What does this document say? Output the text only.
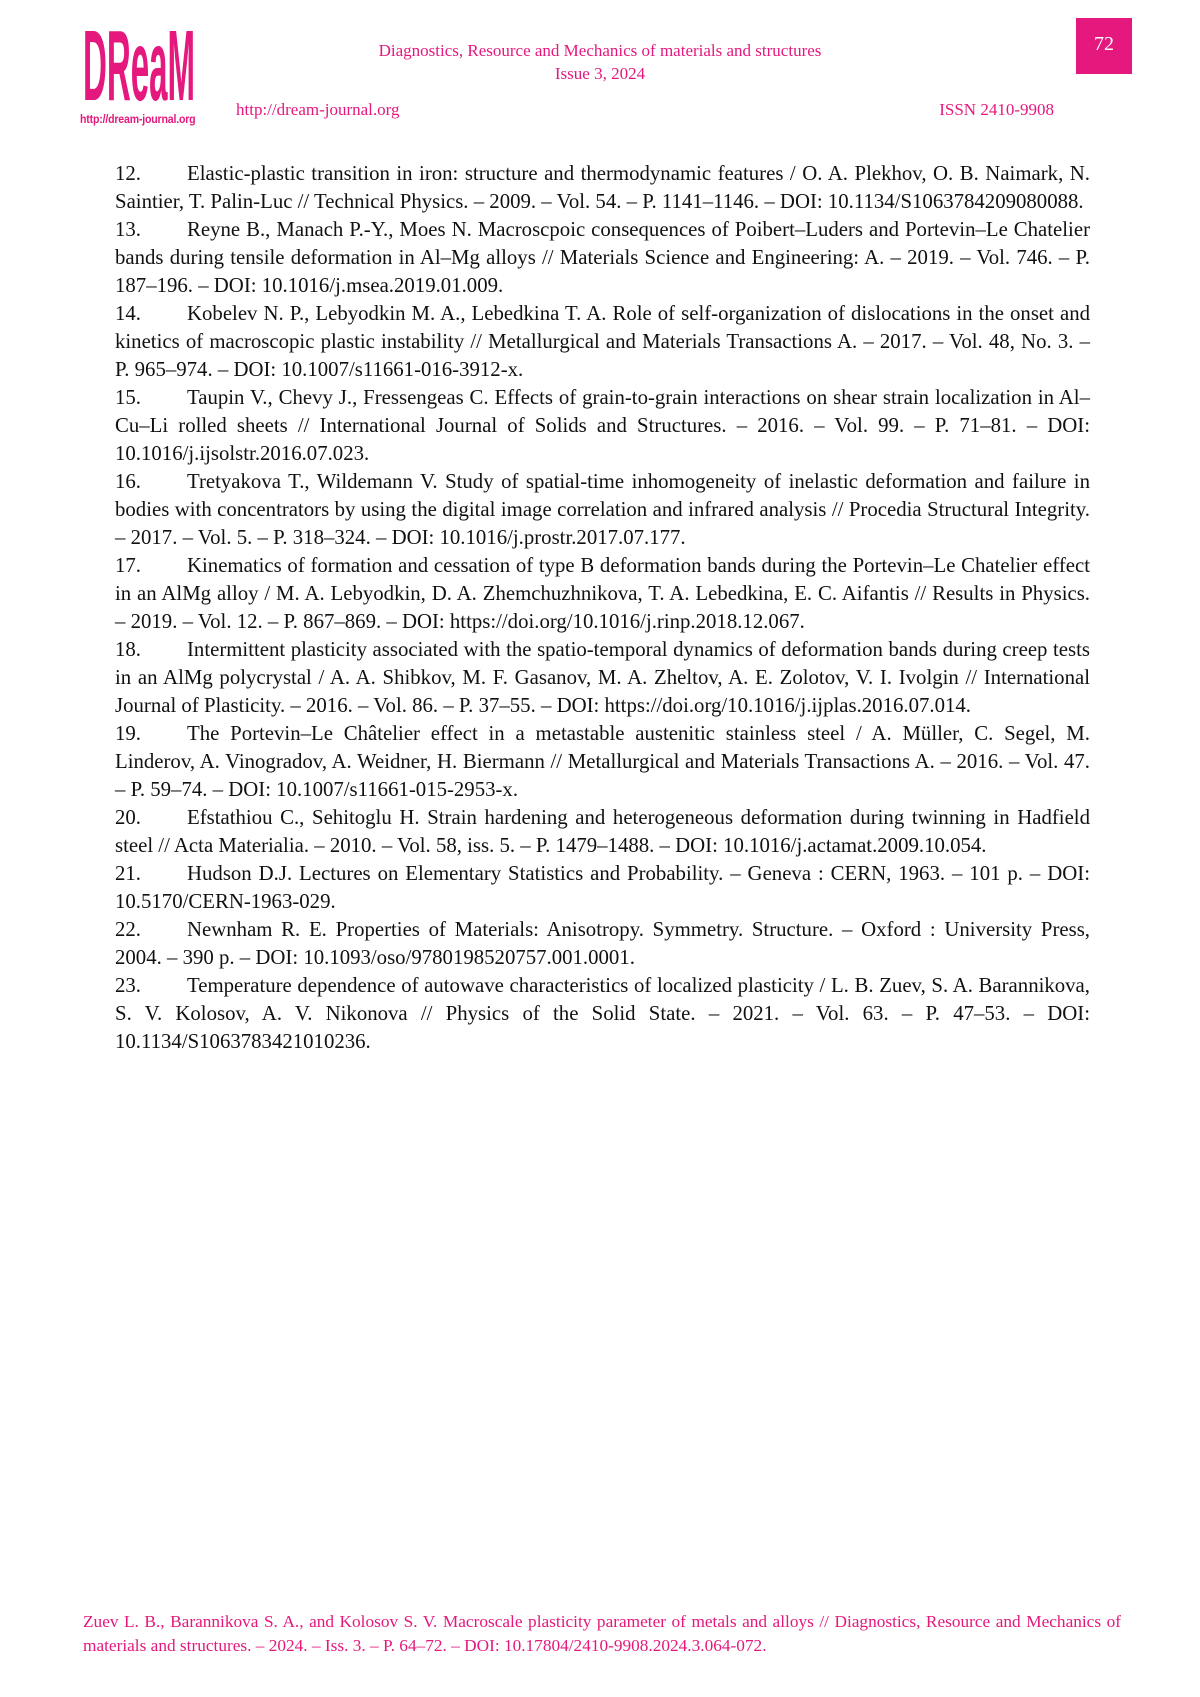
D
http://dream-journal.org
Diagnostics, Resource and Mechanics of materials and structures
Issue 3, 2024
http://dream-journal.org	ISSN 2410-9908
72

12. Elastic-plastic transition in iron: structure and thermodynamic features / O. A. Plekhov, O. B. Naimark, N. Saintier, T. Palin-Luc // Technical Physics. – 2009. – Vol. 54. – P. 1141–1146. – DOI: 10.1134/S1063784209080088.

13. Reyne B., Manach P.-Y., Moes N. Macroscpoic consequences of Poibert–Luders and Portevin–Le Chatelier bands during tensile deformation in Al–Mg alloys // Materials Science and Engineering: A. – 2019. – Vol. 746. – P. 187–196. – DOI: 10.1016/j.msea.2019.01.009.

14. Kobelev N. P., Lebyodkin M. A., Lebedkina T. A. Role of self-organization of dislocations in the onset and kinetics of macroscopic plastic instability // Metallurgical and Materials Transactions A. – 2017. – Vol. 48, No. 3. – P. 965–974. – DOI: 10.1007/s11661-016-3912-x.

15. Taupin V., Chevy J., Fressengeas C. Effects of grain-to-grain interactions on shear strain localization in Al–Cu–Li rolled sheets // International Journal of Solids and Structures. – 2016. – Vol. 99. – P. 71–81. – DOI: 10.1016/j.ijsolstr.2016.07.023.

16. Tretyakova T., Wildemann V. Study of spatial-time inhomogeneity of inelastic deformation and failure in bodies with concentrators by using the digital image correlation and infrared analysis // Procedia Structural Integrity. – 2017. – Vol. 5. – P. 318–324. – DOI: 10.1016/j.prostr.2017.07.177.

17. Kinematics of formation and cessation of type B deformation bands during the Portevin–Le Chatelier effect in an AlMg alloy / M. A. Lebyodkin, D. A. Zhemchuzhnikova, T. A. Lebedkina, E. C. Aifantis // Results in Physics. – 2019. – Vol. 12. – P. 867–869. – DOI: https://doi.org/10.1016/j.rinp.2018.12.067.

18. Intermittent plasticity associated with the spatio-temporal dynamics of deformation bands during creep tests in an AlMg polycrystal / A. A. Shibkov, M. F. Gasanov, M. A. Zheltov, A. E. Zolotov, V. I. Ivolgin // International Journal of Plasticity. – 2016. – Vol. 86. – P. 37–55. – DOI: https://doi.org/10.1016/j.ijplas.2016.07.014.

19. The Portevin–Le Châtelier effect in a metastable austenitic stainless steel / A. Müller, C. Segel, M. Linderov, A. Vinogradov, A. Weidner, H. Biermann // Metallurgical and Materials Transactions A. – 2016. – Vol. 47. – P. 59–74. – DOI: 10.1007/s11661-015-2953-x.

20. Efstathiou C., Sehitoglu H. Strain hardening and heterogeneous deformation during twinning in Hadfield steel // Acta Materialia. – 2010. – Vol. 58, iss. 5. – P. 1479–1488. – DOI: 10.1016/j.actamat.2009.10.054.

21. Hudson D.J. Lectures on Elementary Statistics and Probability. – Geneva : CERN, 1963. – 101 p. – DOI: 10.5170/CERN-1963-029.

22. Newnham R. E. Properties of Materials: Anisotropy. Symmetry. Structure. – Oxford : University Press, 2004. – 390 p. – DOI: 10.1093/oso/9780198520757.001.0001.

23. Temperature dependence of autowave characteristics of localized plasticity / L. B. Zuev, S. A. Barannikova, S. V. Kolosov, A. V. Nikonova // Physics of the Solid State. – 2021. – Vol. 63. – P. 47–53. – DOI: 10.1134/S1063783421010236.

Zuev L. B., Barannikova S. A., and Kolosov S. V. Macroscale plasticity parameter of metals and alloys // Diagnostics, Resource and Mechanics of materials and structures. – 2024. – Iss. 3. – P. 64–72. – DOI: 10.17804/2410-9908.2024.3.064-072.
